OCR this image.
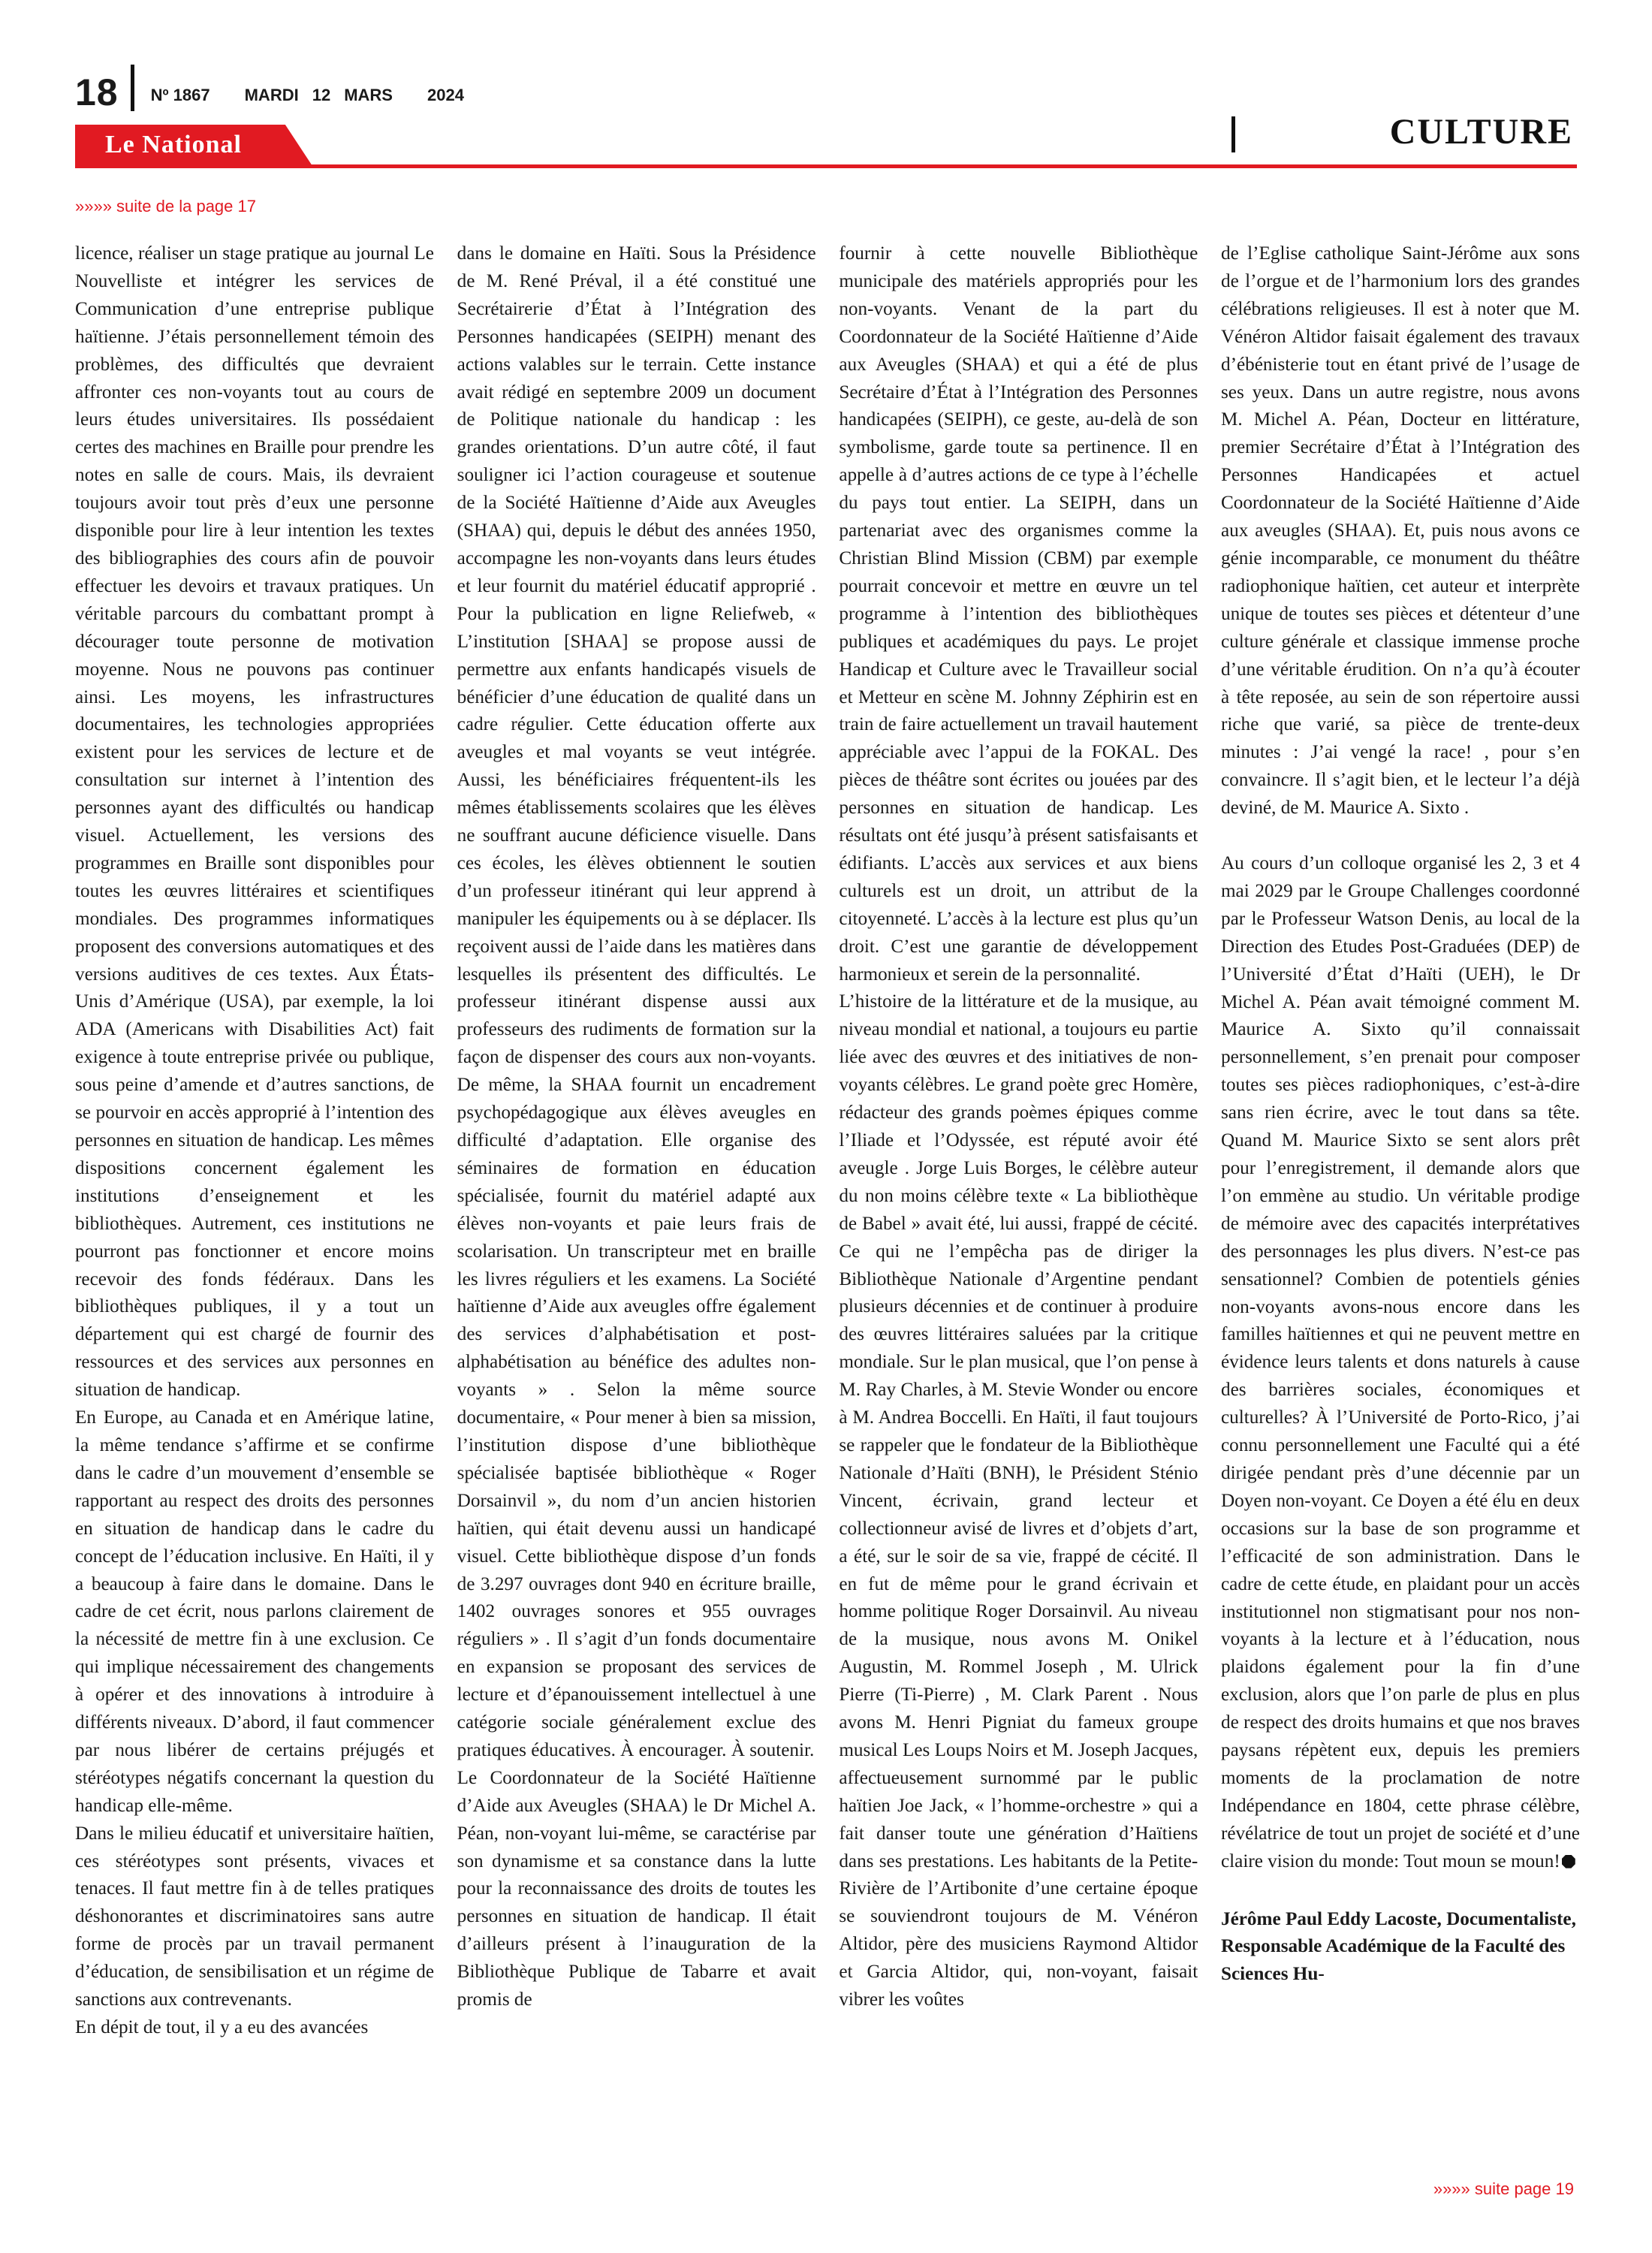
18 Nº 1867 MARDI 12 MARS 2024
CULTURE
Le National
»»»» suite de la page 17

licence, réaliser un stage pratique au journal Le Nouvelliste et intégrer les services de Communication d’une entreprise publique haïtienne. J’étais personnellement témoin des problèmes, des difficultés que devraient affronter ces non-voyants tout au cours de leurs études universitaires. Ils possédaient certes des machines en Braille pour prendre les notes en salle de cours. Mais, ils devraient toujours avoir tout près d’eux une personne disponible pour lire à leur intention les textes des bibliographies des cours afin de pouvoir effectuer les devoirs et travaux pratiques. Un véritable parcours du combattant prompt à décourager toute personne de motivation moyenne. Nous ne pouvons pas continuer ainsi. Les moyens, les infrastructures documentaires, les technologies appropriées existent pour les services de lecture et de consultation sur internet à l’intention des personnes ayant des difficultés ou handicap visuel. Actuellement, les versions des programmes en Braille sont disponibles pour toutes les œuvres littéraires et scientifiques mondiales. Des programmes informatiques proposent des conversions automatiques et des versions auditives de ces textes. Aux États-Unis d’Amérique (USA), par exemple, la loi ADA (Americans with Disabilities Act) fait exigence à toute entreprise privée ou publique, sous peine d’amende et d’autres sanctions, de se pourvoir en accès approprié à l’intention des personnes en situation de handicap. Les mêmes dispositions concernent également les institutions d’enseignement et les bibliothèques. Autrement, ces institutions ne pourront pas fonctionner et encore moins recevoir des fonds fédéraux. Dans les bibliothèques publiques, il y a tout un département qui est chargé de fournir des ressources et des services aux personnes en situation de handicap.

En Europe, au Canada et en Amérique latine, la même tendance s’affirme et se confirme dans le cadre d’un mouvement d’ensemble se rapportant au respect des droits des personnes en situation de handicap dans le cadre du concept de l’éducation inclusive. En Haïti, il y a beaucoup à faire dans le domaine. Dans le cadre de cet écrit, nous parlons clairement de la nécessité de mettre fin à une exclusion. Ce qui implique nécessairement des changements à opérer et des innovations à introduire à différents niveaux. D’abord, il faut commencer par nous libérer de certains préjugés et stéréotypes négatifs concernant la question du handicap elle-même.

Dans le milieu éducatif et universitaire haïtien, ces stéréotypes sont présents, vivaces et tenaces. Il faut mettre fin à de telles pratiques déshonorantes et discriminatoires sans autre forme de procès par un travail permanent d’éducation, de sensibilisation et un régime de sanctions aux contrevenants.

En dépit de tout, il y a eu des avancées

dans le domaine en Haïti. Sous la Présidence de M. René Préval, il a été constitué une Secrétairerie d’État à l’Intégration des Personnes handicapées (SEIPH) menant des actions valables sur le terrain. Cette instance avait rédigé en septembre 2009 un document de Politique nationale du handicap : les grandes orientations. D’un autre côté, il faut souligner ici l’action courageuse et soutenue de la Société Haïtienne d’Aide aux Aveugles (SHAA) qui, depuis le début des années 1950, accompagne les non-voyants dans leurs études et leur fournit du matériel éducatif approprié . Pour la publication en ligne Reliefweb, « L’institution [SHAA] se propose aussi de permettre aux enfants handicapés visuels de bénéficier d’une éducation de qualité dans un cadre régulier. Cette éducation offerte aux aveugles et mal voyants se veut intégrée. Aussi, les bénéficiaires fréquentent-ils les mêmes établissements scolaires que les élèves ne souffrant aucune déficience visuelle. Dans ces écoles, les élèves obtiennent le soutien d’un professeur itinérant qui leur apprend à manipuler les équipements ou à se déplacer. Ils reçoivent aussi de l’aide dans les matières dans lesquelles ils présentent des difficultés. Le professeur itinérant dispense aussi aux professeurs des rudiments de formation sur la façon de dispenser des cours aux non-voyants. De même, la SHAA fournit un encadrement psychopédagogique aux élèves aveugles en difficulté d’adaptation. Elle organise des séminaires de formation en éducation spécialisée, fournit du matériel adapté aux élèves non-voyants et paie leurs frais de scolarisation. Un transcripteur met en braille les livres réguliers et les examens. La Société haïtienne d’Aide aux aveugles offre également des services d’alphabétisation et post-alphabétisation au bénéfice des adultes non-voyants » . Selon la même source documentaire, « Pour mener à bien sa mission, l’institution dispose d’une bibliothèque spécialisée baptisée bibliothèque « Roger Dorsainvil », du nom d’un ancien historien haïtien, qui était devenu aussi un handicapé visuel. Cette bibliothèque dispose d’un fonds de 3.297 ouvrages dont 940 en écriture braille, 1402 ouvrages sonores et 955 ouvrages réguliers » . Il s’agit d’un fonds documentaire en expansion se proposant des services de lecture et d’épanouissement intellectuel à une catégorie sociale généralement exclue des pratiques éducatives. À encourager. À soutenir.

Le Coordonnateur de la Société Haïtienne d’Aide aux Aveugles (SHAA) le Dr Michel A. Péan, non-voyant lui-même, se caractérise par son dynamisme et sa constance dans la lutte pour la reconnaissance des droits de toutes les personnes en situation de handicap. Il était d’ailleurs présent à l’inauguration de la Bibliothèque Publique de Tabarre et avait promis de

fournir à cette nouvelle Bibliothèque municipale des matériels appropriés pour les non-voyants. Venant de la part du Coordonnateur de la Société Haïtienne d’Aide aux Aveugles (SHAA) et qui a été de plus Secrétaire d’État à l’Intégration des Personnes handicapées (SEIPH), ce geste, au-delà de son symbolisme, garde toute sa pertinence. Il en appelle à d’autres actions de ce type à l’échelle du pays tout entier. La SEIPH, dans un partenariat avec des organismes comme la Christian Blind Mission (CBM) par exemple pourrait concevoir et mettre en œuvre un tel programme à l’intention des bibliothèques publiques et académiques du pays. Le projet Handicap et Culture avec le Travailleur social et Metteur en scène M. Johnny Zéphirin est en train de faire actuellement un travail hautement appréciable avec l’appui de la FOKAL. Des pièces de théâtre sont écrites ou jouées par des personnes en situation de handicap. Les résultats ont été jusqu’à présent satisfaisants et édifiants. L’accès aux services et aux biens culturels est un droit, un attribut de la citoyenneté. L’accès à la lecture est plus qu’un droit. C’est une garantie de développement harmonieux et serein de la personnalité.

L’histoire de la littérature et de la musique, au niveau mondial et national, a toujours eu partie liée avec des œuvres et des initiatives de non-voyants célèbres. Le grand poète grec Homère, rédacteur des grands poèmes épiques comme l’Iliade et l’Odyssée, est réputé avoir été aveugle . Jorge Luis Borges, le célèbre auteur du non moins célèbre texte « La bibliothèque de Babel » avait été, lui aussi, frappé de cécité. Ce qui ne l’empêcha pas de diriger la Bibliothèque Nationale d’Argentine pendant plusieurs décennies et de continuer à produire des œuvres littéraires saluées par la critique mondiale. Sur le plan musical, que l’on pense à M. Ray Charles, à M. Stevie Wonder ou encore à M. Andrea Boccelli. En Haïti, il faut toujours se rappeler que le fondateur de la Bibliothèque Nationale d’Haïti (BNH), le Président Sténio Vincent, écrivain, grand lecteur et collectionneur avisé de livres et d’objets d’art, a été, sur le soir de sa vie, frappé de cécité. Il en fut de même pour le grand écrivain et homme politique Roger Dorsainvil. Au niveau de la musique, nous avons M. Onikel Augustin, M. Rommel Joseph , M. Ulrick Pierre (Ti-Pierre) , M. Clark Parent . Nous avons M. Henri Pigniat du fameux groupe musical Les Loups Noirs et M. Joseph Jacques, affectueusement surnommé par le public haïtien Joe Jack, « l’homme-orchestre » qui a fait danser toute une génération d’Haïtiens dans ses prestations. Les habitants de la Petite-Rivière de l’Artibonite d’une certaine époque se souviendront toujours de M. Vénéron Altidor, père des musiciens Raymond Altidor et Garcia Altidor, qui, non-voyant, faisait vibrer les voûtes

de l’Eglise catholique Saint-Jérôme aux sons de l’orgue et de l’harmonium lors des grandes célébrations religieuses. Il est à noter que M. Vénéron Altidor faisait également des travaux d’ébénisterie tout en étant privé de l’usage de ses yeux. Dans un autre registre, nous avons M. Michel A. Péan, Docteur en littérature, premier Secrétaire d’État à l’Intégration des Personnes Handicapées et actuel Coordonnateur de la Société Haïtienne d’Aide aux aveugles (SHAA). Et, puis nous avons ce génie incomparable, ce monument du théâtre radiophonique haïtien, cet auteur et interprète unique de toutes ses pièces et détenteur d’une culture générale et classique immense proche d’une véritable érudition. On n’a qu’à écouter à tête reposée, au sein de son répertoire aussi riche que varié, sa pièce de trente-deux minutes : J’ai vengé la race! , pour s’en convaincre. Il s’agit bien, et le lecteur l’a déjà deviné, de M. Maurice A. Sixto .

Au cours d’un colloque organisé les 2, 3 et 4 mai 2029 par le Groupe Challenges coordonné par le Professeur Watson Denis, au local de la Direction des Etudes Post-Graduées (DEP) de l’Université d’État d’Haïti (UEH), le Dr Michel A. Péan avait témoigné comment M. Maurice A. Sixto qu’il connaissait personnellement, s’en prenait pour composer toutes ses pièces radiophoniques, c’est-à-dire sans rien écrire, avec le tout dans sa tête. Quand M. Maurice Sixto se sent alors prêt pour l’enregistrement, il demande alors que l’on emmène au studio. Un véritable prodige de mémoire avec des capacités interprétatives des personnages les plus divers. N’est-ce pas sensationnel? Combien de potentiels génies non-voyants avons-nous encore dans les familles haïtiennes et qui ne peuvent mettre en évidence leurs talents et dons naturels à cause des barrières sociales, économiques et culturelles? À l’Université de Porto-Rico, j’ai connu personnellement une Faculté qui a été dirigée pendant près d’une décennie par un Doyen non-voyant. Ce Doyen a été élu en deux occasions sur la base de son programme et l’efficacité de son administration. Dans le cadre de cette étude, en plaidant pour un accès institutionnel non stigmatisant pour nos non-voyants à la lecture et à l’éducation, nous plaidons également pour la fin d’une exclusion, alors que l’on parle de plus en plus de respect des droits humains et que nos braves paysans répètent eux, depuis les premiers moments de la proclamation de notre Indépendance en 1804, cette phrase célèbre, révélatrice de tout un projet de société et d’une claire vision du monde: Tout moun se moun!

Jérôme Paul Eddy Lacoste, Documentaliste, Responsable Académique de la Faculté des Sciences Hu-

»»»» suite page 19
